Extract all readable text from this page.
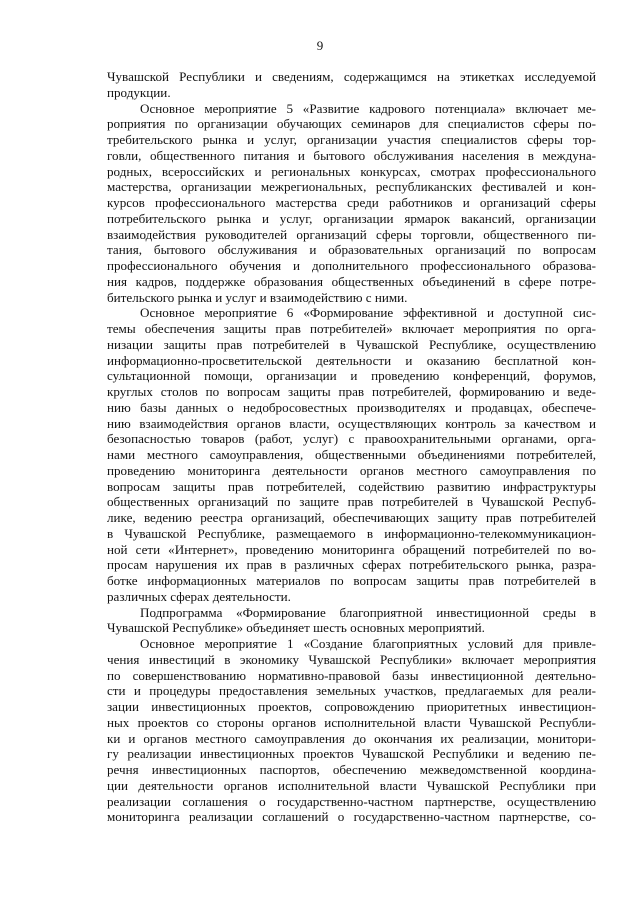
9
Чувашской Республики и сведениям, содержащимся на этикетках исследуемой
продукции.
Основное мероприятие 5 «Развитие кадрового потенциала» включает ме-
роприятия по организации обучающих семинаров для специалистов сферы по-
требительского рынка и услуг, организации участия специалистов сферы тор-
говли, общественного питания и бытового обслуживания населения в междуна-
родных, всероссийских и региональных конкурсах, смотрах профессионального
мастерства, организации межрегиональных, республиканских фестивалей и кон-
курсов профессионального мастерства среди работников и организаций сферы
потребительского рынка и услуг, организации ярмарок вакансий, организации
взаимодействия руководителей организаций сферы торговли, общественного пи-
тания, бытового обслуживания и образовательных организаций по вопросам
профессионального обучения и дополнительного профессионального образова-
ния кадров, поддержке образования общественных объединений в сфере потре-
бительского рынка и услуг и взаимодействию с ними.
Основное мероприятие 6 «Формирование эффективной и доступной сис-
темы обеспечения защиты прав потребителей» включает мероприятия по орга-
низации защиты прав потребителей в Чувашской Республике, осуществлению
информационно-просветительской деятельности и оказанию бесплатной кон-
сультационной помощи, организации и проведению конференций, форумов,
круглых столов по вопросам защиты прав потребителей, формированию и веде-
нию базы данных о недобросовестных производителях и продавцах, обеспече-
нию взаимодействия органов власти, осуществляющих контроль за качеством и
безопасностью товаров (работ, услуг) с правоохранительными органами, орга-
нами местного самоуправления, общественными объединениями потребителей,
проведению мониторинга деятельности органов местного самоуправления по
вопросам защиты прав потребителей, содействию развитию инфраструктуры
общественных организаций по защите прав потребителей в Чувашской Респуб-
лике, ведению реестра организаций, обеспечивающих защиту прав потребителей
в Чувашской Республике, размещаемого в информационно-телекоммуникацион-
ной сети «Интернет», проведению мониторинга обращений потребителей по во-
просам нарушения их прав в различных сферах потребительского рынка, разра-
ботке информационных материалов по вопросам защиты прав потребителей в
различных сферах деятельности.
Подпрограмма «Формирование благоприятной инвестиционной среды в
Чувашской Республике» объединяет шесть основных мероприятий.
Основное мероприятие 1 «Создание благоприятных условий для привле-
чения инвестиций в экономику Чувашской Республики» включает мероприятия
по совершенствованию нормативно-правовой базы инвестиционной деятельно-
сти и процедуры предоставления земельных участков, предлагаемых для реали-
зации инвестиционных проектов, сопровождению приоритетных инвестицион-
ных проектов со стороны органов исполнительной власти Чувашской Республи-
ки и органов местного самоуправления до окончания их реализации, монитори-
гу реализации инвестиционных проектов Чувашской Республики и ведению пе-
речня инвестиционных паспортов, обеспечению межведомственной координа-
ции деятельности органов исполнительной власти Чувашской Республики при
реализации соглашения о государственно-частном партнерстве, осуществлению
мониторинга реализации соглашений о государственно-частном партнерстве, со-
